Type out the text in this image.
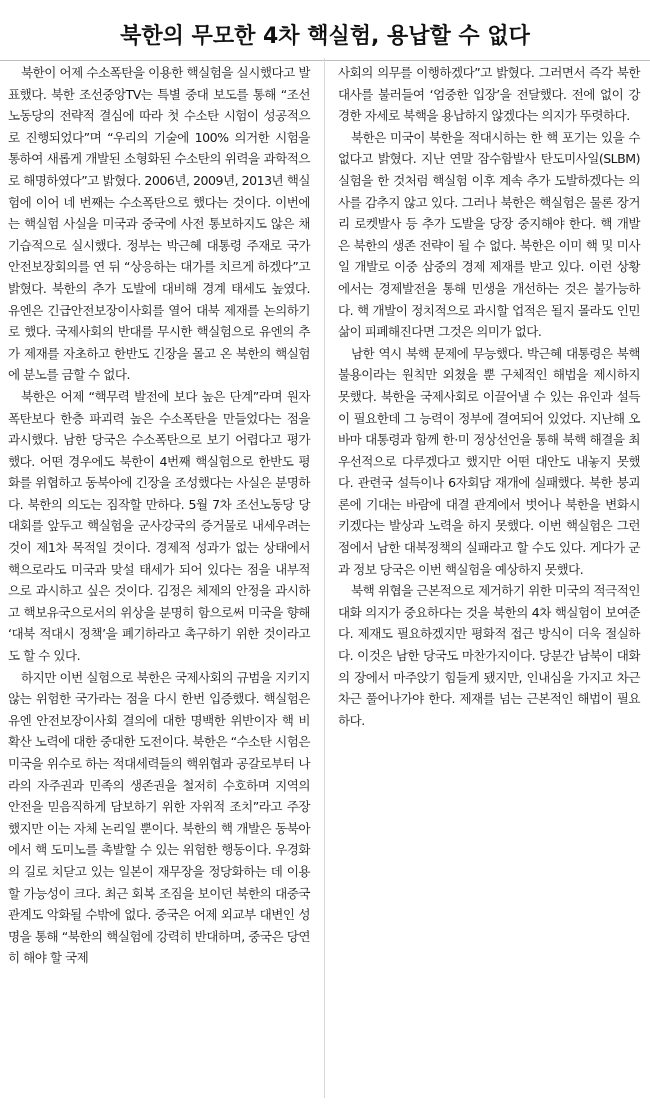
북한의 무모한 4차 핵실험, 용납할 수 없다

북한이 어제 수소폭탄을 이용한 핵실험을 실시했다고 발표했다. 북한 조선중앙TV는 특별 중대 보도를 통해 “조선노동당의 전략적 결심에 따라 첫 수소탄 시험이 성공적으로 진행되었다”며 “우리의 기술에 100% 의거한 시험을 통하여 새롭게 개발된 소형화된 수소탄의 위력을 과학적으로 해명하였다”고 밝혔다. 2006년, 2009년, 2013년 핵실험에 이어 네 번째는 수소폭탄으로 했다는 것이다. 이번에는 핵실험 사실을 미국과 중국에 사전 통보하지도 않은 채 기습적으로 실시했다. 정부는 박근혜 대통령 주재로 국가안전보장회의를 연 뒤 “상응하는 대가를 치르게 하겠다”고 밝혔다. 북한의 추가 도발에 대비해 경계 태세도 높였다. 유엔은 긴급안전보장이사회를 열어 대북 제재를 논의하기로 했다. 국제사회의 반대를 무시한 핵실험으로 유엔의 추가 제재를 자초하고 한반도 긴장을 몰고 온 북한의 핵실험에 분노를 금할 수 없다.

북한은 어제 “핵무력 발전에 보다 높은 단계”라며 원자폭탄보다 한층 파괴력 높은 수소폭탄을 만들었다는 점을 과시했다. 남한 당국은 수소폭탄으로 보기 어렵다고 평가했다. 어떤 경우에도 북한이 4번째 핵실험으로 한반도 평화를 위협하고 동북아에 긴장을 조성했다는 사실은 분명하다. 북한의 의도는 짐작할 만하다. 5월 7차 조선노동당 당대회를 앞두고 핵실험을 군사강국의 증거물로 내세우려는 것이 제1차 목적일 것이다. 경제적 성과가 없는 상태에서 핵으로라도 미국과 맞설 태세가 되어 있다는 점을 내부적으로 과시하고 싶은 것이다. 김정은 체제의 안정을 과시하고 핵보유국으로서의 위상을 분명히 함으로써 미국을 향해 ‘대북 적대시 정책’을 폐기하라고 촉구하기 위한 것이라고도 할 수 있다.

하지만 이번 실험으로 북한은 국제사회의 규범을 지키지 않는 위험한 국가라는 점을 다시 한번 입증했다. 핵실험은 유엔 안전보장이사회 결의에 대한 명백한 위반이자 핵 비확산 노력에 대한 중대한 도전이다. 북한은 “수소탄 시험은 미국을 위수로 하는 적대세력들의 핵위협과 공갈로부터 나라의 자주권과 민족의 생존권을 철저히 수호하며 지역의 안전을 믿음직하게 담보하기 위한 자위적 조치”라고 주장했지만 이는 자체 논리일 뿐이다. 북한의 핵 개발은 동북아에서 핵 도미노를 촉발할 수 있는 위험한 행동이다. 우경화의 길로 치닫고 있는 일본이 재무장을 정당화하는 데 이용할 가능성이 크다. 최근 회복 조짐을 보이던 북한의 대중국 관계도 악화될 수밖에 없다. 중국은 어제 외교부 대변인 성명을 통해 “북한의 핵실험에 강력히 반대하며, 중국은 당연히 해야 할 국제

사회의 의무를 이행하겠다”고 밝혔다. 그러면서 즉각 북한 대사를 불러들여 ‘엄중한 입장’을 전달했다. 전에 없이 강경한 자세로 북핵을 용납하지 않겠다는 의지가 뚜렷하다.

북한은 미국이 북한을 적대시하는 한 핵 포기는 있을 수 없다고 밝혔다. 지난 연말 잠수함발사 탄도미사일(SLBM) 실험을 한 것처럼 핵실험 이후 계속 추가 도발하겠다는 의사를 감추지 않고 있다. 그러나 북한은 핵실험은 물론 장거리 로켓발사 등 추가 도발을 당장 중지해야 한다. 핵 개발은 북한의 생존 전략이 될 수 없다. 북한은 이미 핵 및 미사일 개발로 이중 삼중의 경제 제재를 받고 있다. 이런 상황에서는 경제발전을 통해 민생을 개선하는 것은 불가능하다. 핵 개발이 정치적으로 과시할 업적은 될지 몰라도 인민 삶이 피폐해진다면 그것은 의미가 없다.

남한 역시 북핵 문제에 무능했다. 박근혜 대통령은 북핵 불용이라는 원칙만 외쳤을 뿐 구체적인 해법을 제시하지 못했다. 북한을 국제사회로 이끌어낼 수 있는 유인과 설득이 필요한데 그 능력이 정부에 결여되어 있었다. 지난해 오바마 대통령과 함께 한·미 정상선언을 통해 북핵 해결을 최우선적으로 다루겠다고 했지만 어떤 대안도 내놓지 못했다. 관련국 설득이나 6자회담 재개에 실패했다. 북한 붕괴론에 기대는 바람에 대결 관계에서 벗어나 북한을 변화시키겠다는 발상과 노력을 하지 못했다. 이번 핵실험은 그런 점에서 남한 대북정책의 실패라고 할 수도 있다. 게다가 군과 정보 당국은 이번 핵실험을 예상하지 못했다.

북핵 위협을 근본적으로 제거하기 위한 미국의 적극적인 대화 의지가 중요하다는 것을 북한의 4차 핵실험이 보여준다. 제재도 필요하겠지만 평화적 접근 방식이 더욱 절실하다. 이것은 남한 당국도 마찬가지이다. 당분간 남북이 대화의 장에서 마주앉기 힘들게 됐지만, 인내심을 가지고 차근차근 풀어나가야 한다. 제재를 넘는 근본적인 해법이 필요하다.
